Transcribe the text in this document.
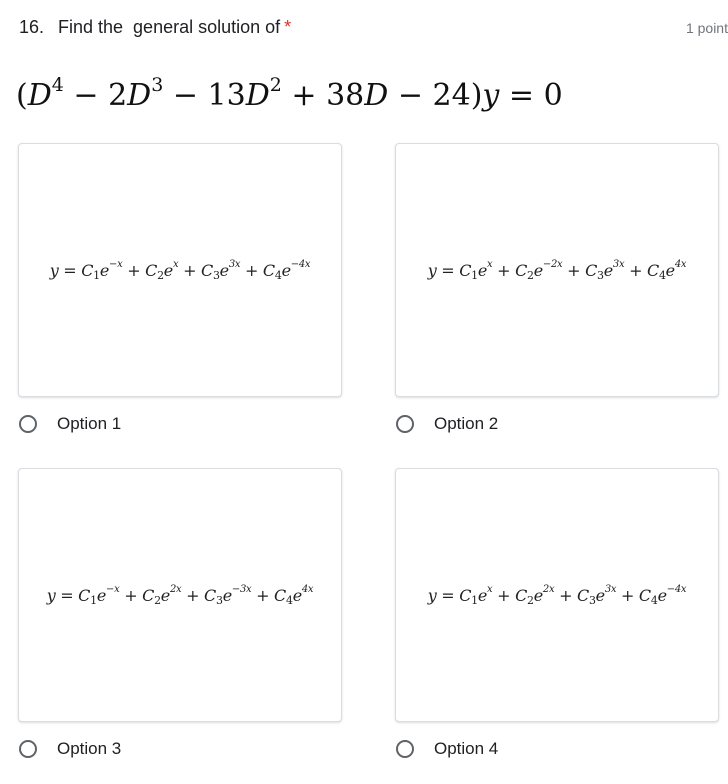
16. Find the  general solution of *	1 point
$(D^4 - 2D^3 - 13D^2 + 38D - 24)y = 0$
$y = C_1e^{-x} + C_2e^x + C_3e^{3x} + C_4e^{-4x}$
Option 1
$y = C_1e^x + C_2e^{-2x} + C_3e^{3x} + C_4e^{4x}$
Option 2
$y = C_1e^{-x} + C_2e^{2x} + C_3e^{-3x} + C_4e^{4x}$
Option 3
$y = C_1e^x + C_2e^{2x} + C_3e^{3x} + C_4e^{-4x}$
Option 4
